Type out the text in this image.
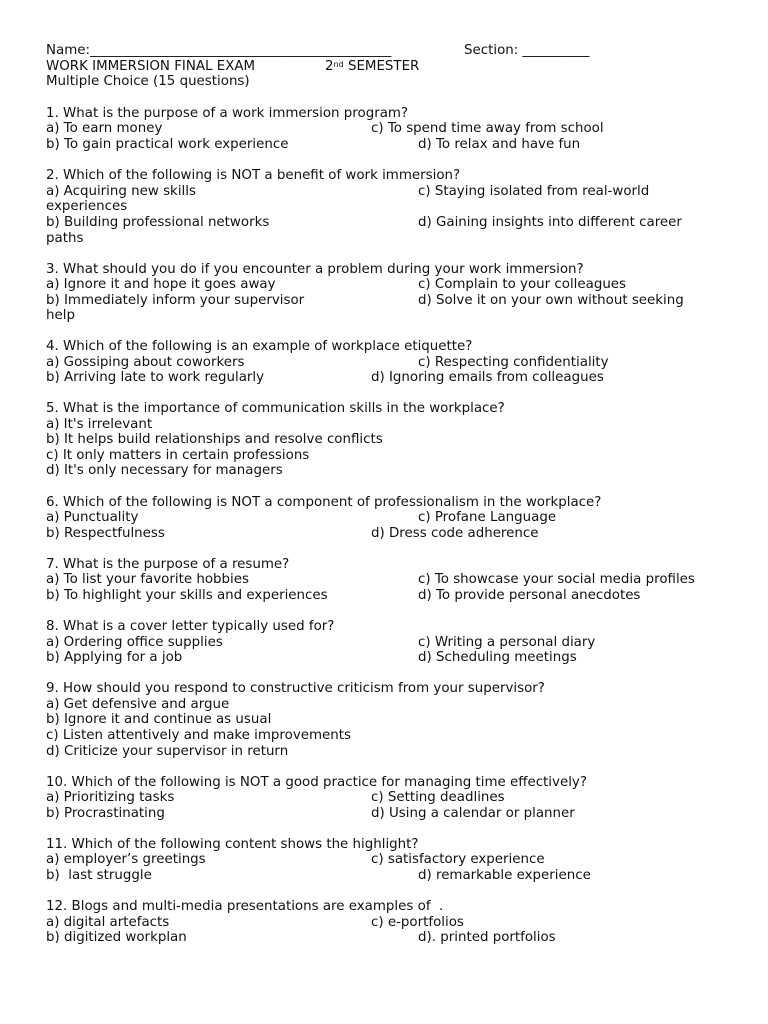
Name:_____________________________________________	Section: __________
WORK IMMERSION FINAL EXAM	2nd SEMESTER
Multiple Choice (15 questions)
1. What is the purpose of a work immersion program?
a) To earn money	c) To spend time away from school
b) To gain practical work experience	d) To relax and have fun
2. Which of the following is NOT a benefit of work immersion?
a) Acquiring new skills	c) Staying isolated from real-world
experiences
b) Building professional networks	d) Gaining insights into different career
paths
3. What should you do if you encounter a problem during your work immersion?
a) Ignore it and hope it goes away	c) Complain to your colleagues
b) Immediately inform your supervisor	d) Solve it on your own without seeking
help
4. Which of the following is an example of workplace etiquette?
a) Gossiping about coworkers	c) Respecting confidentiality
b) Arriving late to work regularly	d) Ignoring emails from colleagues
5. What is the importance of communication skills in the workplace?
a) It's irrelevant
b) It helps build relationships and resolve conflicts
c) It only matters in certain professions
d) It's only necessary for managers
6. Which of the following is NOT a component of professionalism in the workplace?
a) Punctuality	c) Profane Language
b) Respectfulness	d) Dress code adherence
7. What is the purpose of a resume?
a) To list your favorite hobbies	c) To showcase your social media profiles
b) To highlight your skills and experiences	d) To provide personal anecdotes
8. What is a cover letter typically used for?
a) Ordering office supplies	c) Writing a personal diary
b) Applying for a job	d) Scheduling meetings
9. How should you respond to constructive criticism from your supervisor?
a) Get defensive and argue
b) Ignore it and continue as usual
c) Listen attentively and make improvements
d) Criticize your supervisor in return
10. Which of the following is NOT a good practice for managing time effectively?
a) Prioritizing tasks	c) Setting deadlines
b) Procrastinating	d) Using a calendar or planner
11. Which of the following content shows the highlight?
a) employer’s greetings	c) satisfactory experience
b)  last struggle	d) remarkable experience
12. Blogs and multi-media presentations are examples of  .
a) digital artefacts	c) e-portfolios
b) digitized workplan	d). printed portfolios
